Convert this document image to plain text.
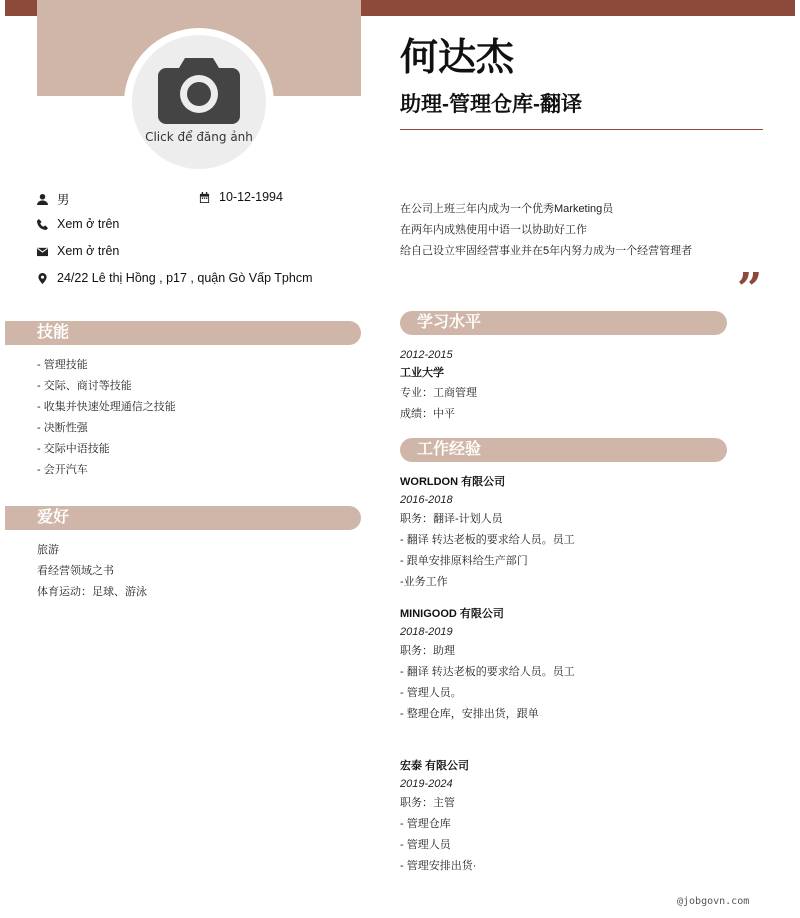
Click để đăng ảnh
何达杰
助理-管理仓库-翻译
男	10-12-1994
Xem ở trên
Xem ở trên
24/22 Lê thị Hồng , p17 , quận Gò Vấp Tphcm
技能
- 管理技能
- 交际、商讨等技能
- 收集并快速处理通信之技能
- 决断性强
- 交际中语技能
- 会开汽车
爱好
旅游
看经营领域之书
体育运动：足球、游泳
在公司上班三年内成为一个优秀Marketing员
在两年内成熟使用中语一以协助好工作
给自己设立牢固经营事业并在5年内努力成为一个经营管理者
”
学习水平
2012-2015
工业大学
专业：工商管理
成绩：中平
工作经验
WORLDON 有限公司
2016-2018
职务：翻译-计划人员
- 翻译 转达老板的要求给人员。员工
- 跟单安排原料给生产部门
-业务工作
MINIGOOD 有限公司
2018-2019
职务：助理
- 翻译 转达老板的要求给人员。员工
- 管理人员。
- 整理仓库，安排出货，跟单
宏泰 有限公司
2019-2024
职务：主管
- 管理仓库
- 管理人员
- 管理安排出货·
@jobgovn.com
